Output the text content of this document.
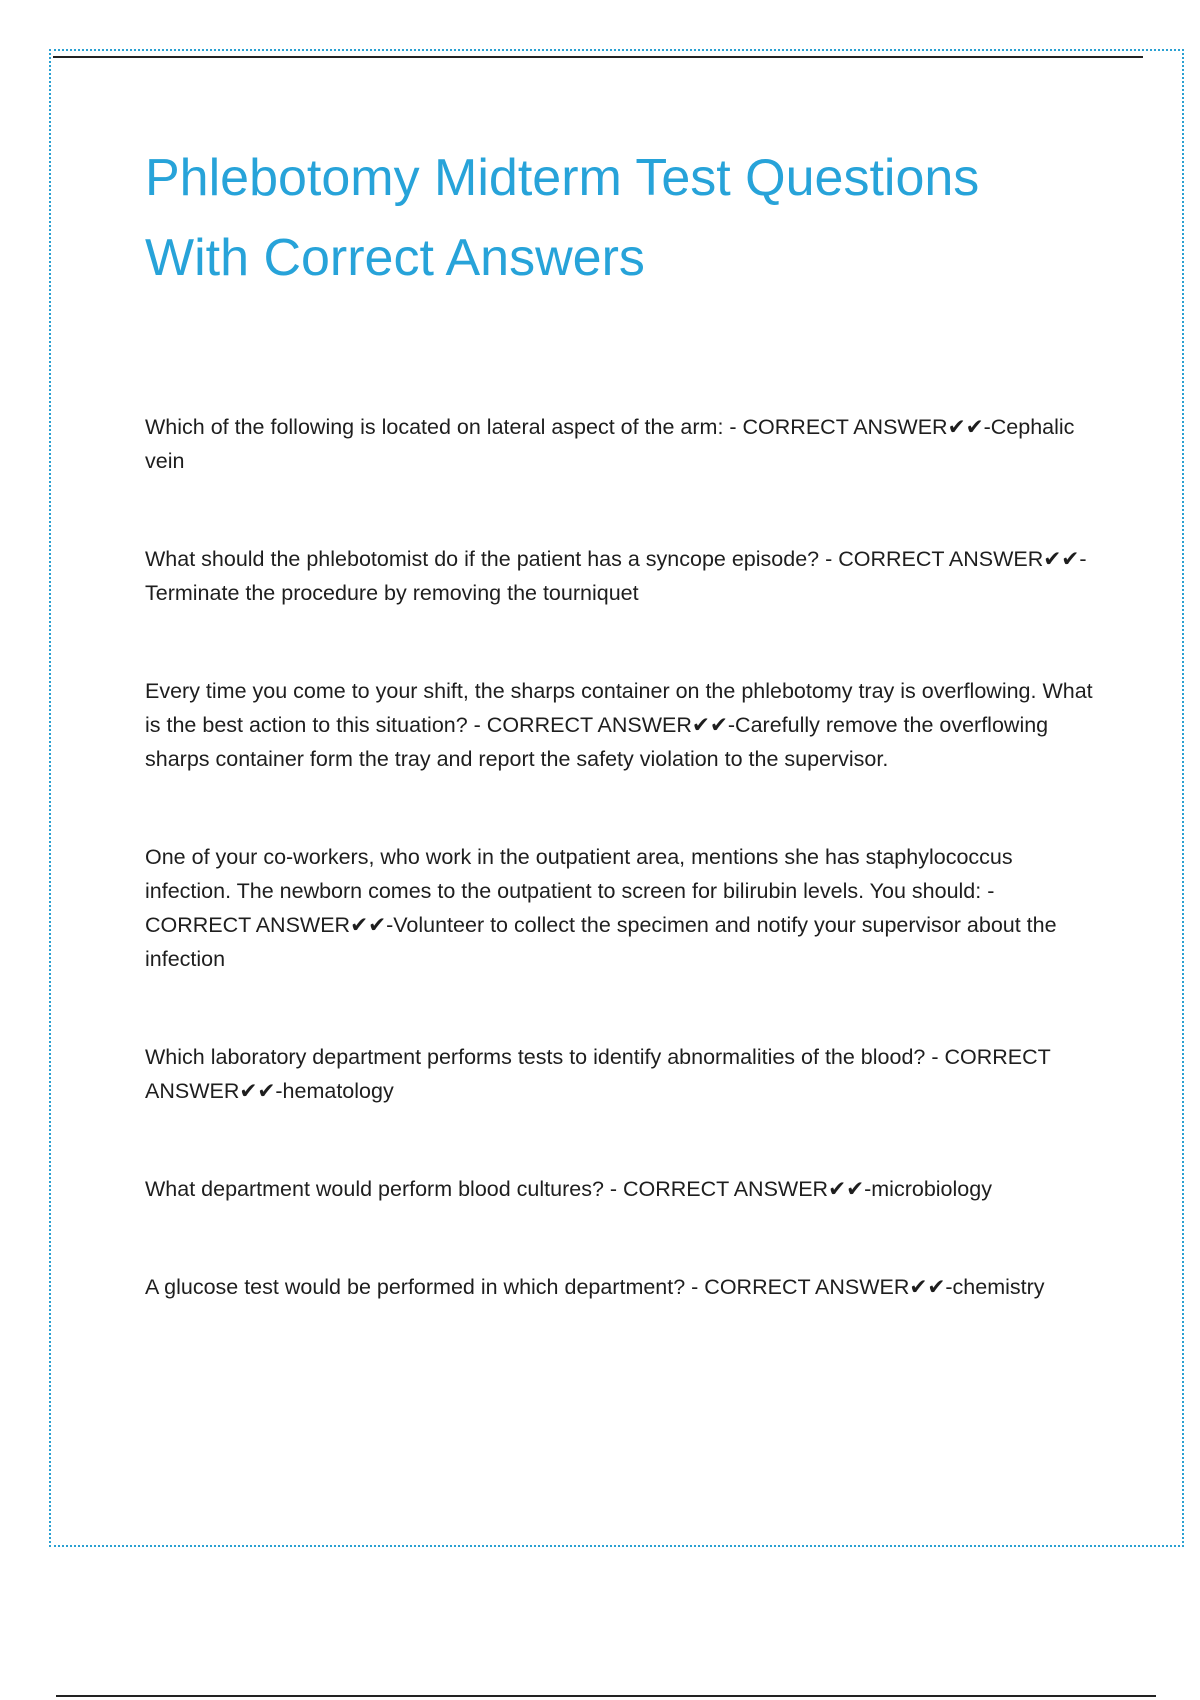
Phlebotomy Midterm Test Questions
With Correct Answers

Which of the following is located on lateral aspect of the arm: - CORRECT ANSWER✔✔-Cephalic vein

What should the phlebotomist do if the patient has a syncope episode? - CORRECT ANSWER✔✔-Terminate the procedure by removing the tourniquet

Every time you come to your shift, the sharps container on the phlebotomy tray is overflowing. What is the best action to this situation? - CORRECT ANSWER✔✔-Carefully remove the overflowing sharps container form the tray and report the safety violation to the supervisor.

One of your co-workers, who work in the outpatient area, mentions she has staphylococcus infection. The newborn comes to the outpatient to screen for bilirubin levels. You should: - CORRECT ANSWER✔✔-Volunteer to collect the specimen and notify your supervisor about the infection

Which laboratory department performs tests to identify abnormalities of the blood? - CORRECT ANSWER✔✔-hematology

What department would perform blood cultures? - CORRECT ANSWER✔✔-microbiology

A glucose test would be performed in which department? - CORRECT ANSWER✔✔-chemistry
